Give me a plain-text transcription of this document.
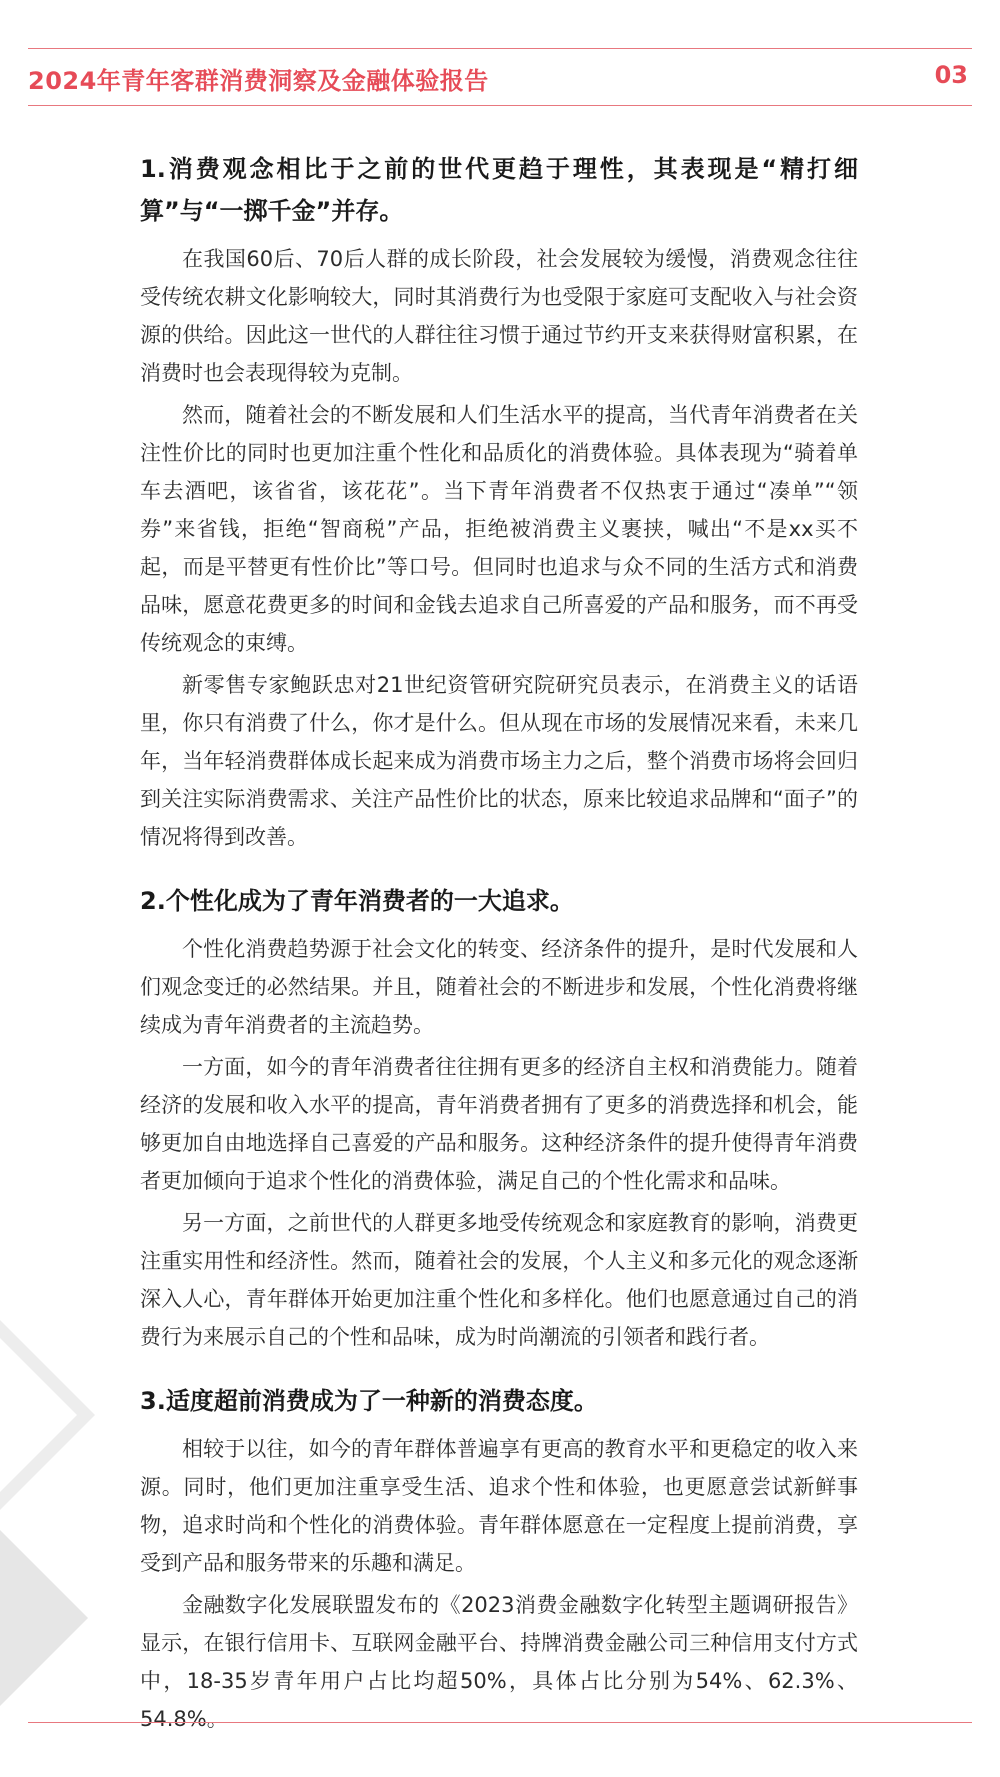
2024年青年客群消费洞察及金融体验报告	03
1.消费观念相比于之前的世代更趋于理性，其表现是“精打细算”与“一掷千金”并存。

在我国60后、70后人群的成长阶段，社会发展较为缓慢，消费观念往往受传统农耕文化影响较大，同时其消费行为也受限于家庭可支配收入与社会资源的供给。因此这一世代的人群往往习惯于通过节约开支来获得财富积累，在消费时也会表现得较为克制。

然而，随着社会的不断发展和人们生活水平的提高，当代青年消费者在关注性价比的同时也更加注重个性化和品质化的消费体验。具体表现为“骑着单车去酒吧，该省省，该花花”。当下青年消费者不仅热衷于通过“凑单”“领券”来省钱，拒绝“智商税”产品，拒绝被消费主义裹挟，喊出“不是xx买不起，而是平替更有性价比”等口号。但同时也追求与众不同的生活方式和消费品味，愿意花费更多的时间和金钱去追求自己所喜爱的产品和服务，而不再受传统观念的束缚。

新零售专家鲍跃忠对21世纪资管研究院研究员表示，在消费主义的话语里，你只有消费了什么，你才是什么。但从现在市场的发展情况来看，未来几年，当年轻消费群体成长起来成为消费市场主力之后，整个消费市场将会回归到关注实际消费需求、关注产品性价比的状态，原来比较追求品牌和“面子”的情况将得到改善。

2.个性化成为了青年消费者的一大追求。

个性化消费趋势源于社会文化的转变、经济条件的提升，是时代发展和人们观念变迁的必然结果。并且，随着社会的不断进步和发展，个性化消费将继续成为青年消费者的主流趋势。

一方面，如今的青年消费者往往拥有更多的经济自主权和消费能力。随着经济的发展和收入水平的提高，青年消费者拥有了更多的消费选择和机会，能够更加自由地选择自己喜爱的产品和服务。这种经济条件的提升使得青年消费者更加倾向于追求个性化的消费体验，满足自己的个性化需求和品味。

另一方面，之前世代的人群更多地受传统观念和家庭教育的影响，消费更注重实用性和经济性。然而，随着社会的发展，个人主义和多元化的观念逐渐深入人心，青年群体开始更加注重个性化和多样化。他们也愿意通过自己的消费行为来展示自己的个性和品味，成为时尚潮流的引领者和践行者。

3.适度超前消费成为了一种新的消费态度。

相较于以往，如今的青年群体普遍享有更高的教育水平和更稳定的收入来源。同时，他们更加注重享受生活、追求个性和体验，也更愿意尝试新鲜事物，追求时尚和个性化的消费体验。青年群体愿意在一定程度上提前消费，享受到产品和服务带来的乐趣和满足。

金融数字化发展联盟发布的《2023消费金融数字化转型主题调研报告》显示，在银行信用卡、互联网金融平台、持牌消费金融公司三种信用支付方式中，18-35岁青年用户占比均超50%，具体占比分别为54%、62.3%、54.8%。
